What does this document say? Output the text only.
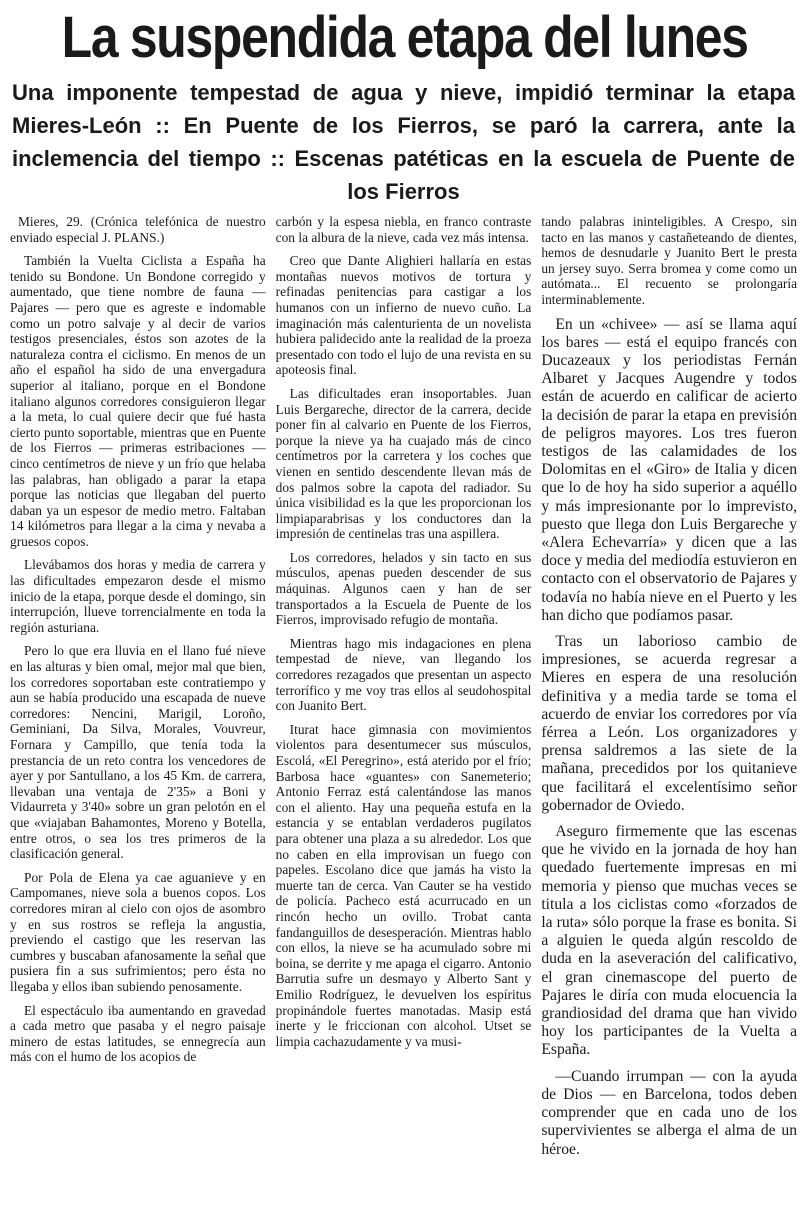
La suspendida etapa del lunes
Una imponente tempestad de agua y nieve, impidió terminar la etapa Mieres-León :: En Puente de los Fierros, se paró la carrera, ante la inclemencia del tiempo :: Escenas patéticas en la escuela de Puente de los Fierros

Mieres, 29. (Crónica telefónica de nuestro enviado especial J. PLANS.)

También la Vuelta Ciclista a España ha tenido su Bondone. Un Bondone corregido y aumentado, que tiene nombre de fauna — Pajares — pero que es agreste e indomable como un potro salvaje y al decir de varios testigos presenciales, éstos son azotes de la naturaleza contra el ciclismo. En menos de un año el español ha sido de una envergadura superior al italiano, porque en el Bondone italiano algunos corredores consiguieron llegar a la meta, lo cual quiere decir que fué hasta cierto punto soportable, mientras que en Puente de los Fierros — primeras estribaciones — cinco centímetros de nieve y un frío que helaba las palabras, han obligado a parar la etapa porque las noticias que llegaban del puerto daban ya un espesor de medio metro. Faltaban 14 kilómetros para llegar a la cima y nevaba a gruesos copos.

Llevábamos dos horas y media de carrera y las dificultades empezaron desde el mismo inicio de la etapa, porque desde el domingo, sin interrupción, llueve torrencialmente en toda la región asturiana.

Pero lo que era lluvia en el llano fué nieve en las alturas y bien omal, mejor mal que bien, los corredores soportaban este contratiempo y aun se había producido una escapada de nueve corredores: Nencini, Marigil, Loroño, Geminiani, Da Silva, Morales, Vouvreur, Fornara y Campillo, que tenía toda la prestancia de un reto contra los vencedores de ayer y por Santullano, a los 45 Km. de carrera, llevaban una ventaja de 2'35» a Boni y Vidaurreta y 3'40» sobre un gran pelotón en el que «viajaban Bahamontes, Moreno y Botella, entre otros, o sea los tres primeros de la clasificación general.

Por Pola de Elena ya cae aguanieve y en Campomanes, nieve sola a buenos copos. Los corredores miran al cielo con ojos de asombro y en sus rostros se refleja la angustia, previendo el castigo que les reservan las cumbres y buscaban afanosamente la señal que pusiera fin a sus sufrimientos; pero ésta no llegaba y ellos iban subiendo penosamente.

El espectáculo iba aumentando en gravedad a cada metro que pasaba y el negro paisaje minero de estas latitudes, se ennegrecía aun más con el humo de los acopios de

carbón y la espesa niebla, en franco contraste con la albura de la nieve, cada vez más intensa.

Creo que Dante Alighieri hallaría en estas montañas nuevos motivos de tortura y refinadas penitencias para castigar a los humanos con un infierno de nuevo cuño. La imaginación más calenturienta de un novelista hubiera palidecido ante la realidad de la proeza presentado con todo el lujo de una revista en su apoteosis final.

Las dificultades eran insoportables. Juan Luis Bergareche, director de la carrera, decide poner fin al calvario en Puente de los Fierros, porque la nieve ya ha cuajado más de cinco centímetros por la carretera y los coches que vienen en sentido descendente llevan más de dos palmos sobre la capota del radiador. Su única visibilidad es la que les proporcionan los limpiaparabrisas y los conductores dan la impresión de centinelas tras una aspillera.

Los corredores, helados y sin tacto en sus músculos, apenas pueden descender de sus máquinas. Algunos caen y han de ser transportados a la Escuela de Puente de los Fierros, improvisado refugio de montaña.

Mientras hago mis indagaciones en plena tempestad de nieve, van llegando los corredores rezagados que presentan un aspecto terrorífico y me voy tras ellos al seudohospital con Juanito Bert.

Iturat hace gimnasia con movimientos violentos para desentumecer sus músculos, Escolá, «El Peregrino», está aterido por el frío; Barbosa hace «guantes» con Sanemeterio; Antonio Ferraz está calentándose las manos con el aliento. Hay una pequeña estufa en la estancia y se entablan verdaderos pugilatos para obtener una plaza a su alrededor. Los que no caben en ella improvisan un fuego con papeles. Escolano dice que jamás ha visto la muerte tan de cerca. Van Cauter se ha vestido de policía. Pacheco está acurrucado en un rincón hecho un ovillo. Trobat canta fandanguillos de desesperación. Mientras hablo con ellos, la nieve se ha acumulado sobre mi boina, se derrite y me apaga el cigarro. Antonio Barrutia sufre un desmayo y Alberto Sant y Emilio Rodríguez, le devuelven los espíritus propinándole fuertes manotadas. Masip está inerte y le friccionan con alcohol. Utset se limpia cachazudamente y va musi-

tando palabras ininteligibles. A Crespo, sin tacto en las manos y castañeteando de dientes, hemos de desnudarle y Juanito Bert le presta un jersey suyo. Serra bromea y come como un autómata... El recuento se prolongaría interminablemente.

En un «chivee» — así se llama aquí los bares — está el equipo francés con Ducazeaux y los periodistas Fernán Albaret y Jacques Augendre y todos están de acuerdo en calificar de acierto la decisión de parar la etapa en previsión de peligros mayores. Los tres fueron testigos de las calamidades de los Dolomitas en el «Giro» de Italia y dicen que lo de hoy ha sido superior a aquéllo y más impresionante por lo imprevisto, puesto que llega don Luis Bergareche y «Alera Echevarría» y dicen que a las doce y media del mediodía estuvieron en contacto con el observatorio de Pajares y todavía no había nieve en el Puerto y les han dicho que podíamos pasar.

Tras un laborioso cambio de impresiones, se acuerda regresar a Mieres en espera de una resolución definitiva y a media tarde se toma el acuerdo de enviar los corredores por vía férrea a León. Los organizadores y prensa saldremos a las siete de la mañana, precedidos por los quitanieve que facilitará el excelentísimo señor gobernador de Oviedo.

Aseguro firmemente que las escenas que he vivido en la jornada de hoy han quedado fuertemente impresas en mi memoria y pienso que muchas veces se titula a los ciclistas como «forzados de la ruta» sólo porque la frase es bonita. Si a alguien le queda algún rescoldo de duda en la aseveración del calificativo, el gran cinemascope del puerto de Pajares le diría con muda elocuencia la grandiosidad del drama que han vivido hoy los participantes de la Vuelta a España.

—Cuando irrumpan — con la ayuda de Dios — en Barcelona, todos deben comprender que en cada uno de los supervivientes se alberga el alma de un héroe.
